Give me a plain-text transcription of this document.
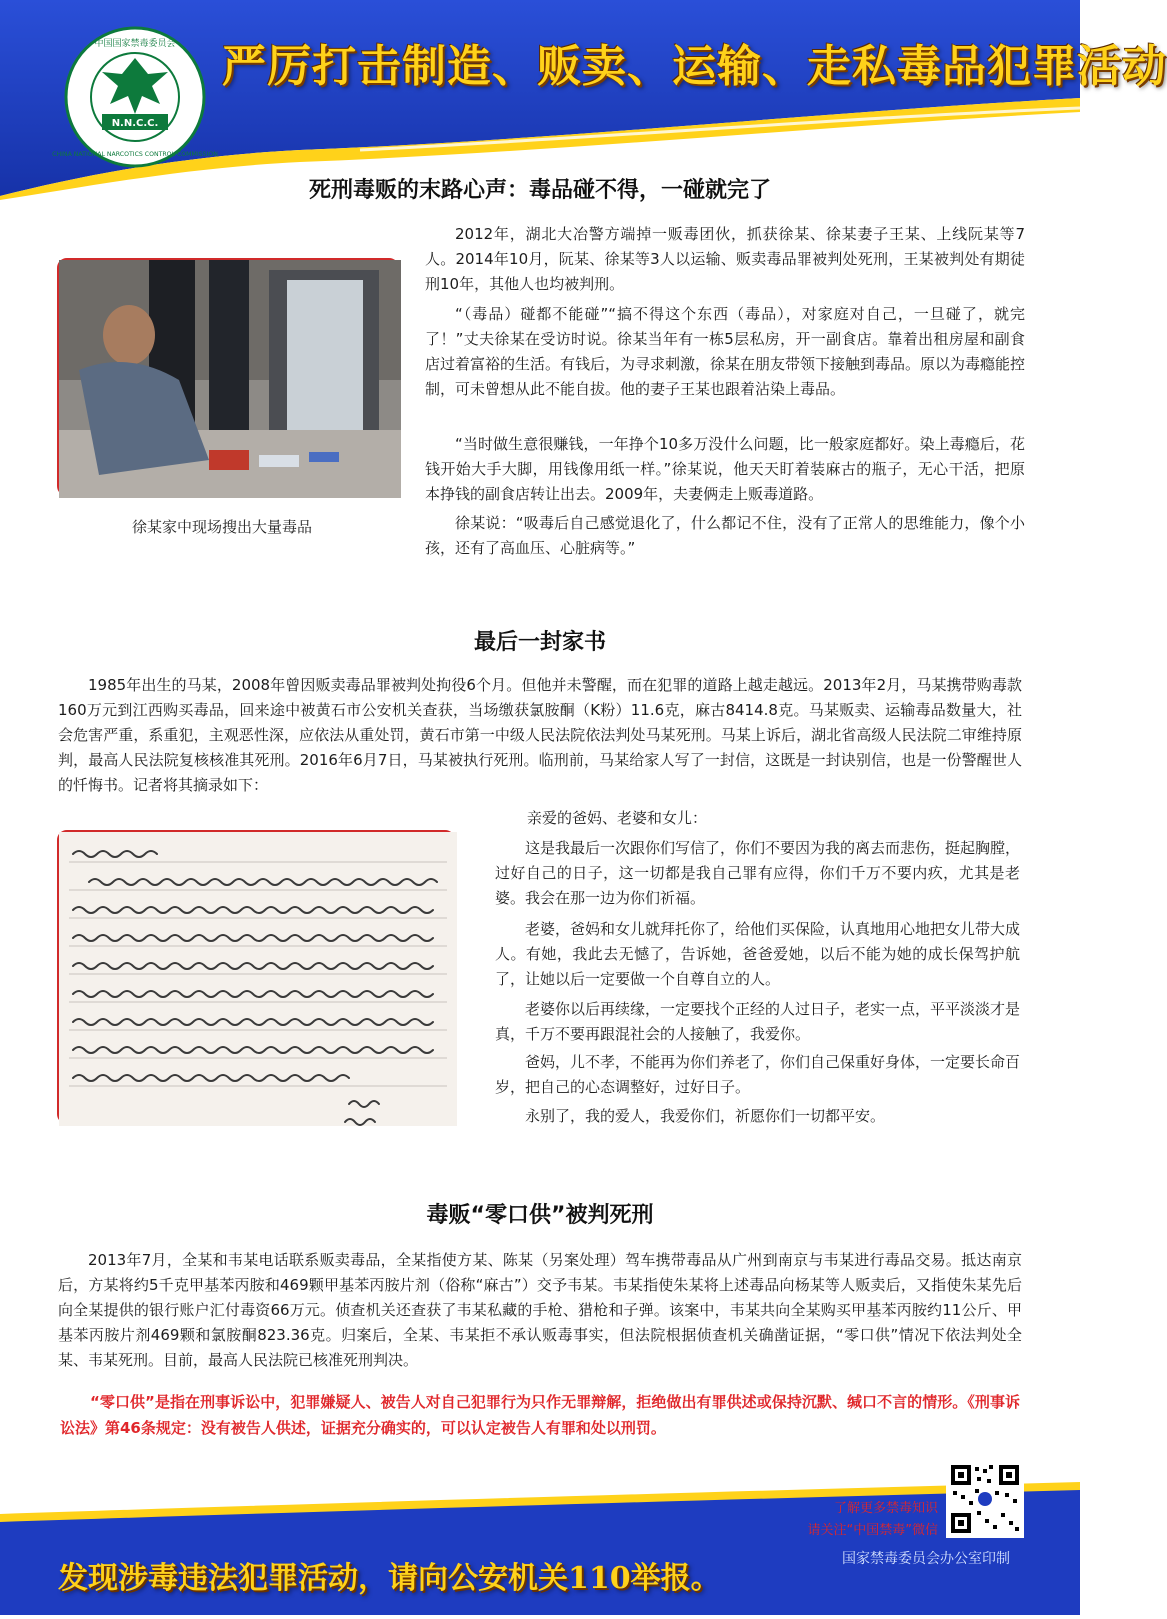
N.N.C.C.
中国国家禁毒委员会
CHINA NATIONAL NARCOTICS CONTROL COMMISSION
严厉打击制造、贩卖、运输、走私毒品犯罪活动
死刑毒贩的末路心声：毒品碰不得，一碰就完了
徐某家中现场搜出大量毒品
2012年，湖北大冶警方端掉一贩毒团伙，抓获徐某、徐某妻子王某、上线阮某等7人。2014年10月，阮某、徐某等3人以运输、贩卖毒品罪被判处死刑，王某被判处有期徒刑10年，其他人也均被判刑。
“（毒品）碰都不能碰”“搞不得这个东西（毒品），对家庭对自己，一旦碰了，就完了！”丈夫徐某在受访时说。徐某当年有一栋5层私房，开一副食店。靠着出租房屋和副食店过着富裕的生活。有钱后，为寻求刺激，徐某在朋友带领下接触到毒品。原以为毒瘾能控制，可未曾想从此不能自拔。他的妻子王某也跟着沾染上毒品。
“当时做生意很赚钱，一年挣个10多万没什么问题，比一般家庭都好。染上毒瘾后，花钱开始大手大脚，用钱像用纸一样。”徐某说，他天天盯着装麻古的瓶子，无心干活，把原本挣钱的副食店转让出去。2009年，夫妻俩走上贩毒道路。
徐某说：“吸毒后自己感觉退化了，什么都记不住，没有了正常人的思维能力，像个小孩，还有了高血压、心脏病等。”
最后一封家书
1985年出生的马某，2008年曾因贩卖毒品罪被判处拘役6个月。但他并未警醒，而在犯罪的道路上越走越远。2013年2月，马某携带购毒款160万元到江西购买毒品，回来途中被黄石市公安机关查获，当场缴获氯胺酮（K粉）11.6克，麻古8414.8克。马某贩卖、运输毒品数量大，社会危害严重，系重犯，主观恶性深，应依法从重处罚，黄石市第一中级人民法院依法判处马某死刑。马某上诉后，湖北省高级人民法院二审维持原判，最高人民法院复核核准其死刑。2016年6月7日，马某被执行死刑。临刑前，马某给家人写了一封信，这既是一封诀别信，也是一份警醒世人的忏悔书。记者将其摘录如下：
亲爱的爸妈、老婆和女儿：
这是我最后一次跟你们写信了，你们不要因为我的离去而悲伤，挺起胸膛，过好自己的日子，这一切都是我自己罪有应得，你们千万不要内疚，尤其是老婆。我会在那一边为你们祈福。
老婆，爸妈和女儿就拜托你了，给他们买保险，认真地用心地把女儿带大成人。有她，我此去无憾了，告诉她，爸爸爱她，以后不能为她的成长保驾护航了，让她以后一定要做一个自尊自立的人。
老婆你以后再续缘，一定要找个正经的人过日子，老实一点，平平淡淡才是真，千万不要再跟混社会的人接触了，我爱你。
爸妈，儿不孝，不能再为你们养老了，你们自己保重好身体，一定要长命百岁，把自己的心态调整好，过好日子。
永别了，我的爱人，我爱你们，祈愿你们一切都平安。
毒贩“零口供”被判死刑
2013年7月，全某和韦某电话联系贩卖毒品，全某指使方某、陈某（另案处理）驾车携带毒品从广州到南京与韦某进行毒品交易。抵达南京后，方某将约5千克甲基苯丙胺和469颗甲基苯丙胺片剂（俗称“麻古”）交予韦某。韦某指使朱某将上述毒品向杨某等人贩卖后，又指使朱某先后向全某提供的银行账户汇付毒资66万元。侦查机关还查获了韦某私藏的手枪、猎枪和子弹。该案中，韦某共向全某购买甲基苯丙胺约11公斤、甲基苯丙胺片剂469颗和氯胺酮823.36克。归案后，全某、韦某拒不承认贩毒事实，但法院根据侦查机关确凿证据，“零口供”情况下依法判处全某、韦某死刑。目前，最高人民法院已核准死刑判决。
“零口供”是指在刑事诉讼中，犯罪嫌疑人、被告人对自己犯罪行为只作无罪辩解，拒绝做出有罪供述或保持沉默、缄口不言的情形。《刑事诉讼法》第46条规定：没有被告人供述，证据充分确实的，可以认定被告人有罪和处以刑罚。
了解更多禁毒知识
请关注“中国禁毒”微信
发现涉毒违法犯罪活动，请向公安机关110举报。
国家禁毒委员会办公室印制
